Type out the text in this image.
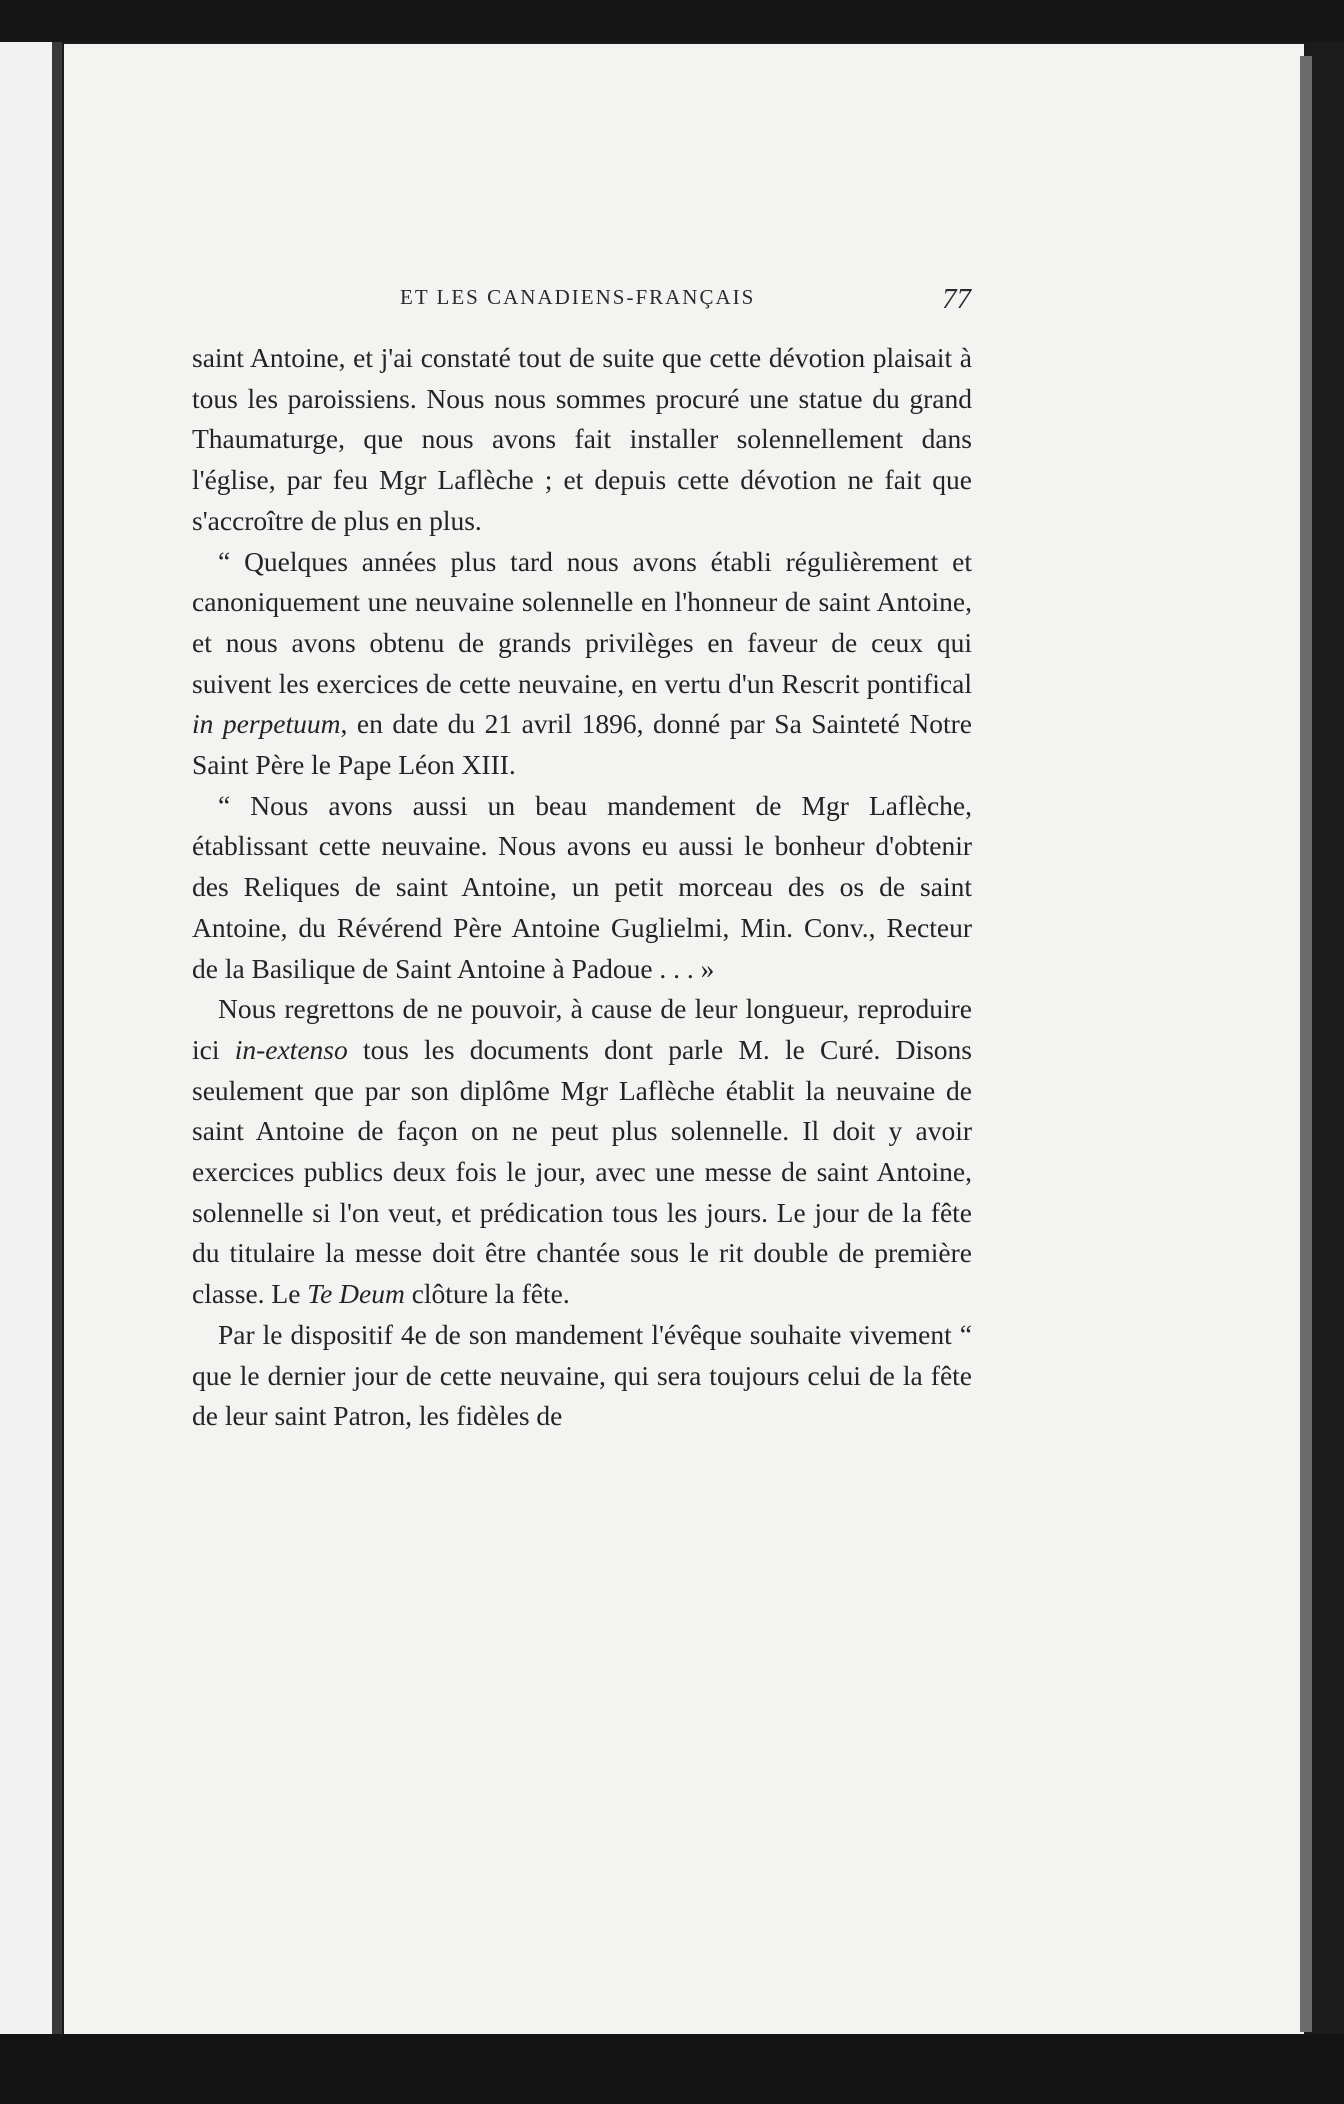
ET LES CANADIENS-FRANÇAIS	77

saint Antoine, et j'ai constaté tout de suite que cette dévotion plaisait à tous les paroissiens. Nous nous sommes procuré une statue du grand Thaumaturge, que nous avons fait installer solennellement dans l'église, par feu Mgr Laflèche ; et depuis cette dévotion ne fait que s'accroître de plus en plus.

“ Quelques années plus tard nous avons établi régulièrement et canoniquement une neuvaine solennelle en l'honneur de saint Antoine, et nous avons obtenu de grands privilèges en faveur de ceux qui suivent les exercices de cette neuvaine, en vertu d'un Rescrit pontifical in perpetuum, en date du 21 avril 1896, donné par Sa Sainteté Notre Saint Père le Pape Léon XIII.

“ Nous avons aussi un beau mandement de Mgr Laflèche, établissant cette neuvaine. Nous avons eu aussi le bonheur d'obtenir des Reliques de saint Antoine, un petit morceau des os de saint Antoine, du Révérend Père Antoine Guglielmi, Min. Conv., Recteur de la Basilique de Saint Antoine à Padoue . . . »

Nous regrettons de ne pouvoir, à cause de leur longueur, reproduire ici in-extenso tous les documents dont parle M. le Curé. Disons seulement que par son diplôme Mgr Laflèche établit la neuvaine de saint Antoine de façon on ne peut plus solennelle. Il doit y avoir exercices publics deux fois le jour, avec une messe de saint Antoine, solennelle si l'on veut, et prédication tous les jours. Le jour de la fête du titulaire la messe doit être chantée sous le rit double de première classe. Le Te Deum clôture la fête.

Par le dispositif 4e de son mandement l'évêque souhaite vivement “ que le dernier jour de cette neuvaine, qui sera toujours celui de la fête de leur saint Patron, les fidèles de
